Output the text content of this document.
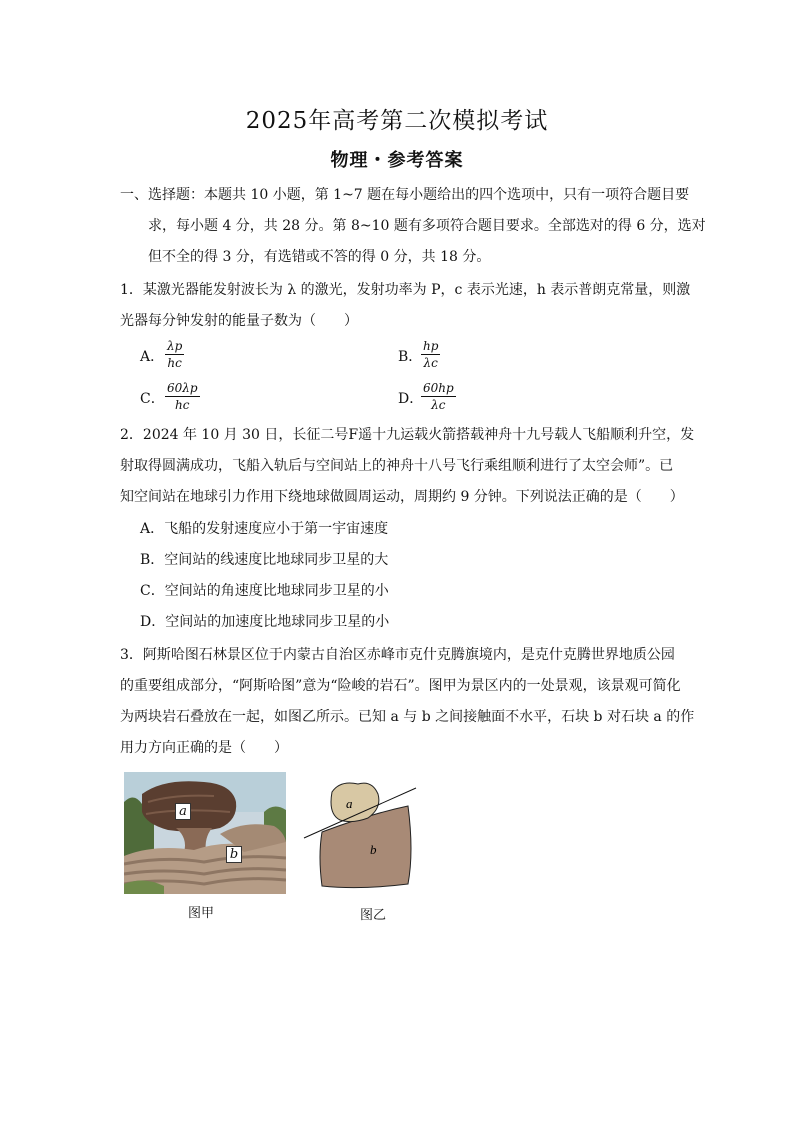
2025年高考第二次模拟考试
物理・参考答案
一、选择题：本题共 10 小题，第 1~7 题在每小题给出的四个选项中，只有一项符合题目要
求，每小题 4 分，共 28 分。第 8~10 题有多项符合题目要求。全部选对的得 6 分，选对
但不全的得 3 分，有选错或不答的得 0 分，共 18 分。
1．某激光器能发射波长为 λ 的激光，发射功率为 P，c 表示光速，h 表示普朗克常量，则激
光器每分钟发射的能量子数为（　　）
A． $\frac{\lambda p}{hc}$	B．
$\frac{hp}{\lambda c}$
C． $\frac{60\lambda p}{hc}$	D．
$\frac{60hp}{\lambda c}$
2．2024 年 10 月 30 日，长征二号F遥十九运载火箭搭载神舟十九号载人飞船顺利升空，发
射取得圆满成功，飞船入轨后与空间站上的神舟十八号飞行乘组顺利进行了太空会师”。已
知空间站在地球引力作用下绕地球做圆周运动，周期约 9 分钟。下列说法正确的是（　　）
A．飞船的发射速度应小于第一宇宙速度
B．空间站的线速度比地球同步卫星的大
C．空间站的角速度比地球同步卫星的小
D．空间站的加速度比地球同步卫星的小
3．阿斯哈图石林景区位于内蒙古自治区赤峰市克什克腾旗境内，是克什克腾世界地质公园
的重要组成部分，“阿斯哈图”意为“险峻的岩石”。图甲为景区内的一处景观，该景观可简化
为两块岩石叠放在一起，如图乙所示。已知 a 与 b 之间接触面不水平，石块 b 对石块 a 的作
用力方向正确的是（　　）
a
b
图甲
a
b
图乙
